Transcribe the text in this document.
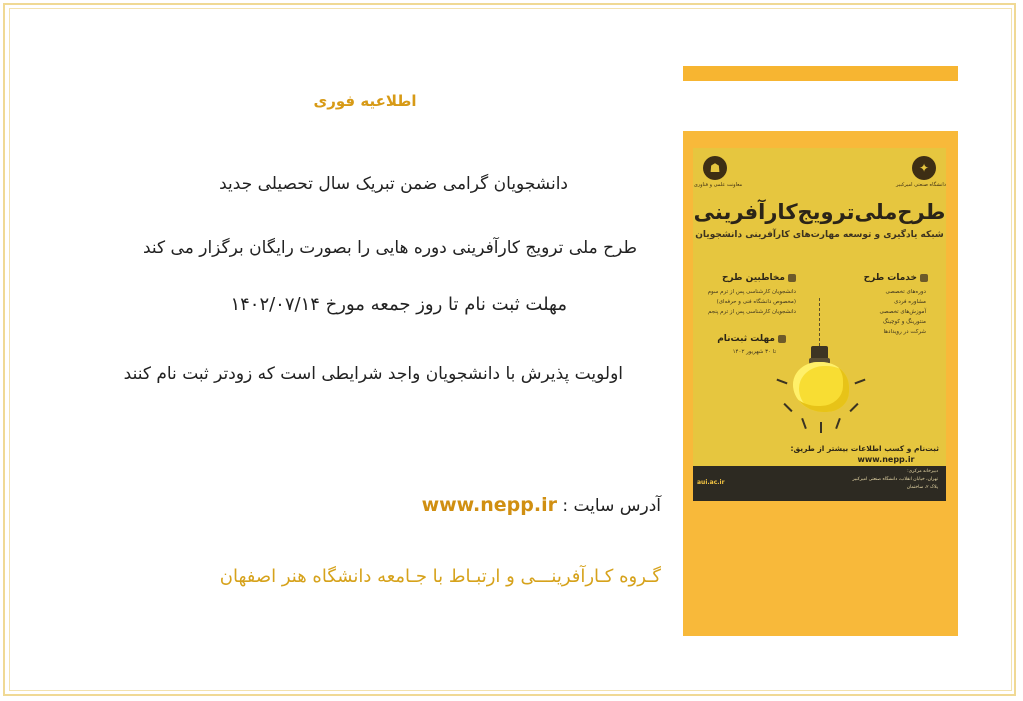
اطلاعیه فوری
دانشجویان گرامی ضمن تبریک سال تحصیلی جدید
طرح ملی ترویج کارآفرینی دوره هایی را بصورت رایگان برگزار می کند
مهلت ثبت نام تا روز جمعه مورخ ۱۴۰۲/۰۷/۱۴
اولویت پذیرش با دانشجویان واجد شرایطی است که زودتر ثبت نام کنند
آدرس سایت : www.nepp.ir
گـروه کـارآفرینـــی و ارتبـاط با جـامعه دانشگاه هنر اصفهان
✦
☗
دانشگاه صنعتی امیرکبیر
معاونت علمی و فناوری
طرح‌ملی‌ترویج‌کارآفرینی
شبکه یادگیری و توسعه مهارت‌های کارآفرینی دانشجویان
خدمات طرح
دوره‌های تخصصی
مشاوره فردی
آموزش‌های تخصصی
منتورینگ و کوچینگ
شرکت در رویدادها
مخاطبین طرح
دانشجویان کارشناسی پس از ترم سوم
(مخصوص دانشگاه فنی و حرفه‌ای)
دانشجویان کارشناسی پس از ترم پنجم
مهلت ثبت‌نام
تا ۳۰ شهریور ۱۴۰۲
ثبت‌نام و کسب اطلاعات بیشتر از طریق:
www.nepp.ir
دبیرخانه مرکزی:
تهران، خیابان انقلاب، دانشگاه صنعتی امیرکبیر
پلاک ۲، ساختمان
aui.ac.ir
